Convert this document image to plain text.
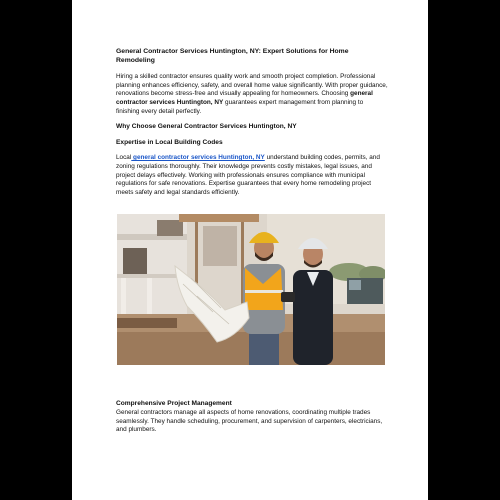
General Contractor Services Huntington, NY: Expert Solutions for Home Remodeling

Hiring a skilled contractor ensures quality work and smooth project completion. Professional planning enhances efficiency, safety, and overall home value significantly. With proper guidance, renovations become stress-free and visually appealing for homeowners. Choosing general contractor services Huntington, NY guarantees expert management from planning to finishing every detail perfectly.

Why Choose General Contractor Services Huntington, NY

Expertise in Local Building Codes

Local general contractor services Huntington, NY understand building codes, permits, and zoning regulations thoroughly. Their knowledge prevents costly mistakes, legal issues, and project delays effectively. Working with professionals ensures compliance with municipal regulations for safe renovations. Expertise guarantees that every home remodeling project meets safety and legal standards efficiently.

Comprehensive Project Management
General contractors manage all aspects of home renovations, coordinating multiple trades seamlessly. They handle scheduling, procurement, and supervision of carpenters, electricians, and plumbers.
